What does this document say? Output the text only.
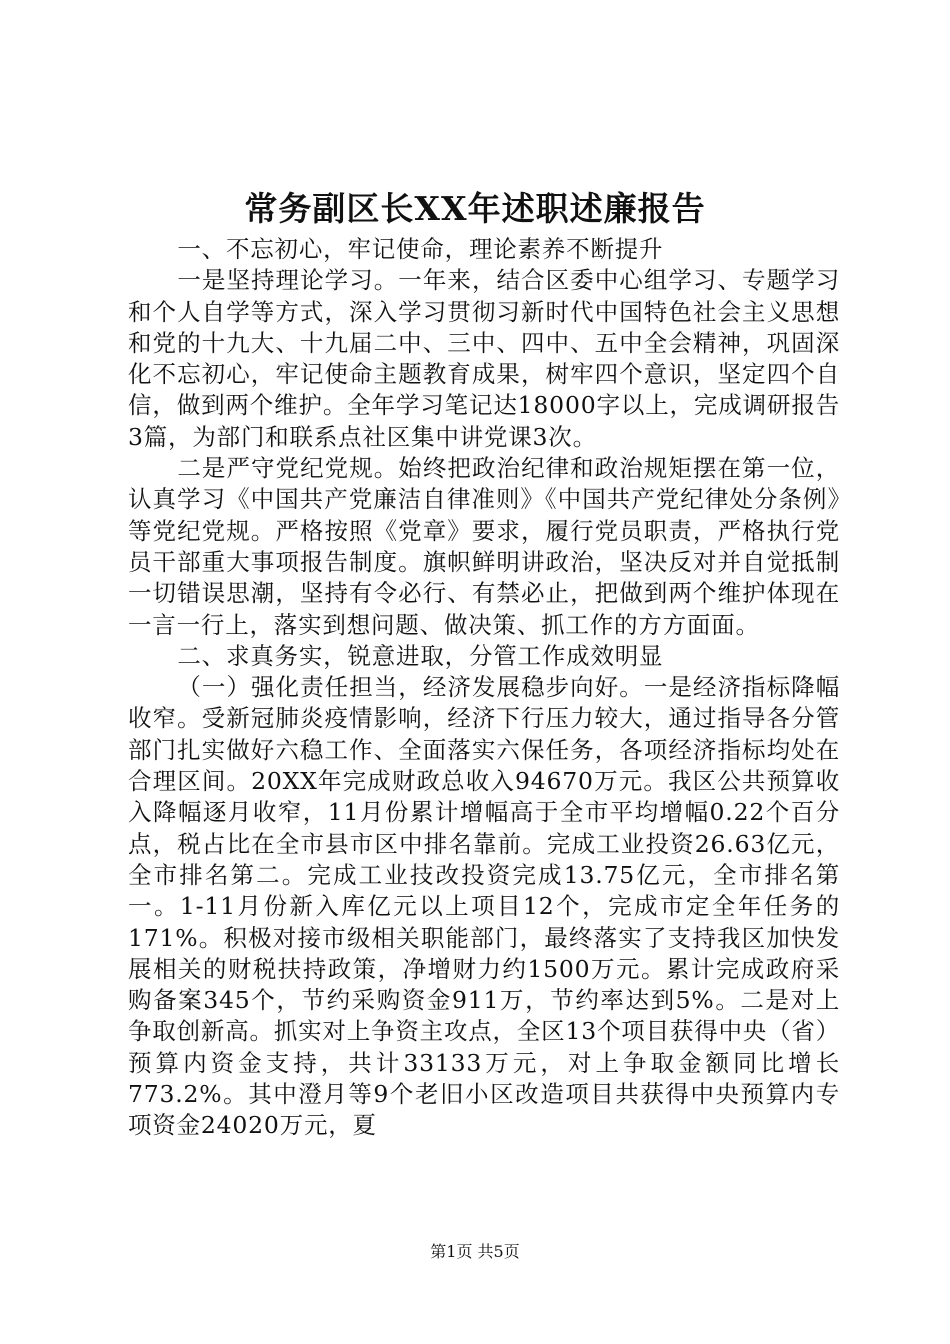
常务副区长XX年述职述廉报告

一、不忘初心，牢记使命，理论素养不断提升

一是坚持理论学习。一年来，结合区委中心组学习、专题学习和个人自学等方式，深入学习贯彻习新时代中国特色社会主义思想和党的十九大、十九届二中、三中、四中、五中全会精神，巩固深化不忘初心，牢记使命主题教育成果，树牢四个意识，坚定四个自信，做到两个维护。全年学习笔记达18000字以上，完成调研报告3篇，为部门和联系点社区集中讲党课3次。

二是严守党纪党规。始终把政治纪律和政治规矩摆在第一位，认真学习《中国共产党廉洁自律准则》《中国共产党纪律处分条例》等党纪党规。严格按照《党章》要求，履行党员职责，严格执行党员干部重大事项报告制度。旗帜鲜明讲政治，坚决反对并自觉抵制一切错误思潮，坚持有令必行、有禁必止，把做到两个维护体现在一言一行上，落实到想问题、做决策、抓工作的方方面面。

二、求真务实，锐意进取，分管工作成效明显

（一）强化责任担当，经济发展稳步向好。一是经济指标降幅收窄。受新冠肺炎疫情影响，经济下行压力较大，通过指导各分管部门扎实做好六稳工作、全面落实六保任务，各项经济指标均处在合理区间。20XX年完成财政总收入94670万元。我区公共预算收入降幅逐月收窄，11月份累计增幅高于全市平均增幅0.22个百分点，税占比在全市县市区中排名靠前。完成工业投资26.63亿元，全市排名第二。完成工业技改投资完成13.75亿元，全市排名第一。1-11月份新入库亿元以上项目12个，完成市定全年任务的171%。积极对接市级相关职能部门，最终落实了支持我区加快发展相关的财税扶持政策，净增财力约1500万元。累计完成政府采购备案345个，节约采购资金911万，节约率达到5%。二是对上争取创新高。抓实对上争资主攻点，全区13个项目获得中央（省）预算内资金支持，共计33133万元，对上争取金额同比增长773.2%。其中澄月等9个老旧小区改造项目共获得中央预算内专项资金24020万元，夏

第1页 共5页
